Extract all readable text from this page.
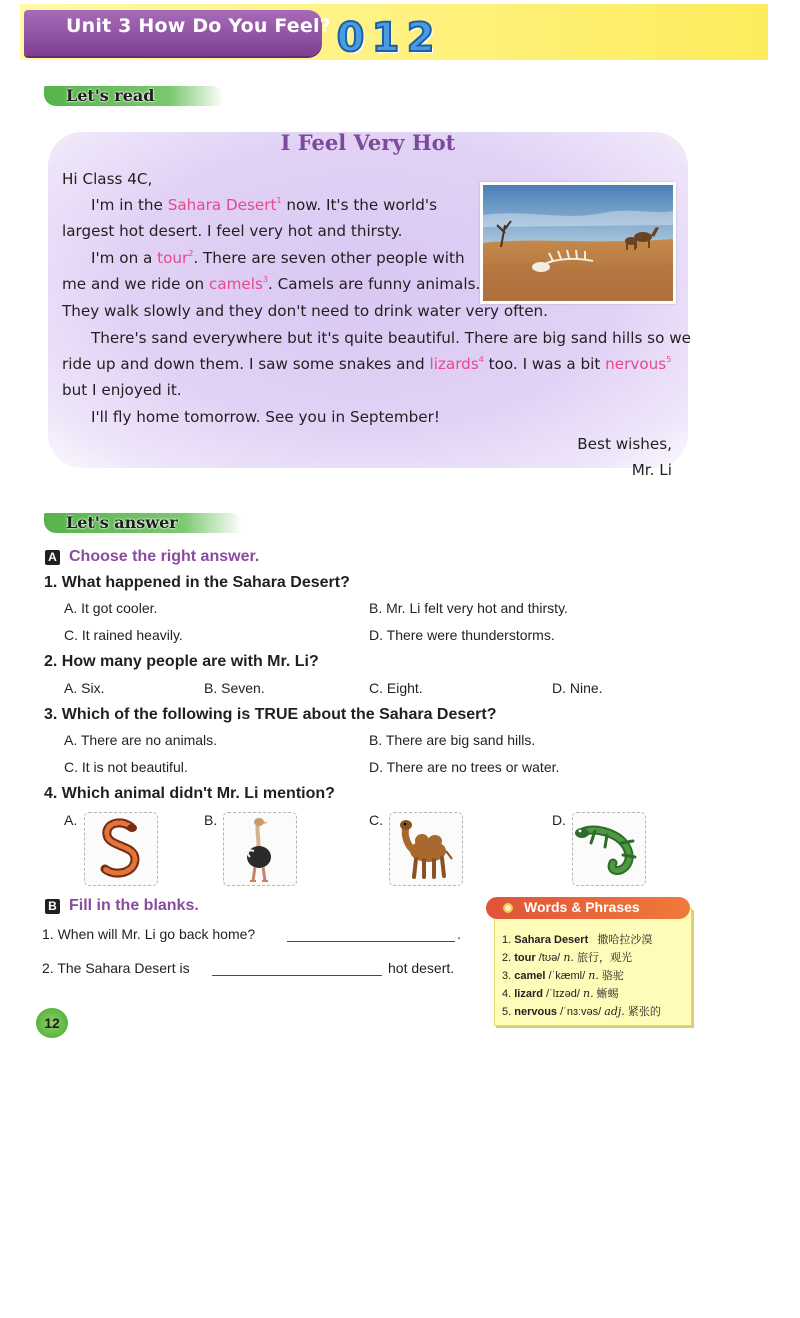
Unit 3 How Do You Feel? 0 1 2
Let's read
I Feel Very Hot
Hi Class 4C,
I'm in the Sahara Desert$^1$ now. It's the world's
largest hot desert. I feel very hot and thirsty.
I'm on a tour$^2$. There are seven other people with
me and we ride on camels$^3$. Camels are funny animals.
They walk slowly and they don't need to drink water very often.
There's sand everywhere but it's quite beautiful. There are big sand hills so we
ride up and down them. I saw some snakes and lizards$^4$ too. I was a bit nervous$^5$
but I enjoyed it.
I'll fly home tomorrow. See you in September!
Best wishes,
Mr. Li
Let's answer
A Choose the right answer.
1. What happened in the Sahara Desert?
A. It got cooler.	B. Mr. Li felt very hot and thirsty.
C. It rained heavily.	D. There were thunderstorms.
2. How many people are with Mr. Li?
A. Six.	B. Seven.	C. Eight.	D. Nine.
3. Which of the following is TRUE about the Sahara Desert?
A. There are no animals.	B. There are big sand hills.
C. It is not beautiful.	D. There are no trees or water.
4. Which animal didn't Mr. Li mention?
A.	B.	C.	D.
B Fill in the blanks.
1. When will Mr. Li go back home?	.
2. The Sahara Desert is	hot desert.
Words & Phrases
1. Sahara Desert 撒哈拉沙漠
2. tour /tʊə/ n. 旅行，观光
3. camel /ˈkæml/ n. 骆驼
4. lizard /ˈlɪzəd/ n. 蜥蜴
5. nervous /ˈnɜːvəs/ adj. 紧张的
12
